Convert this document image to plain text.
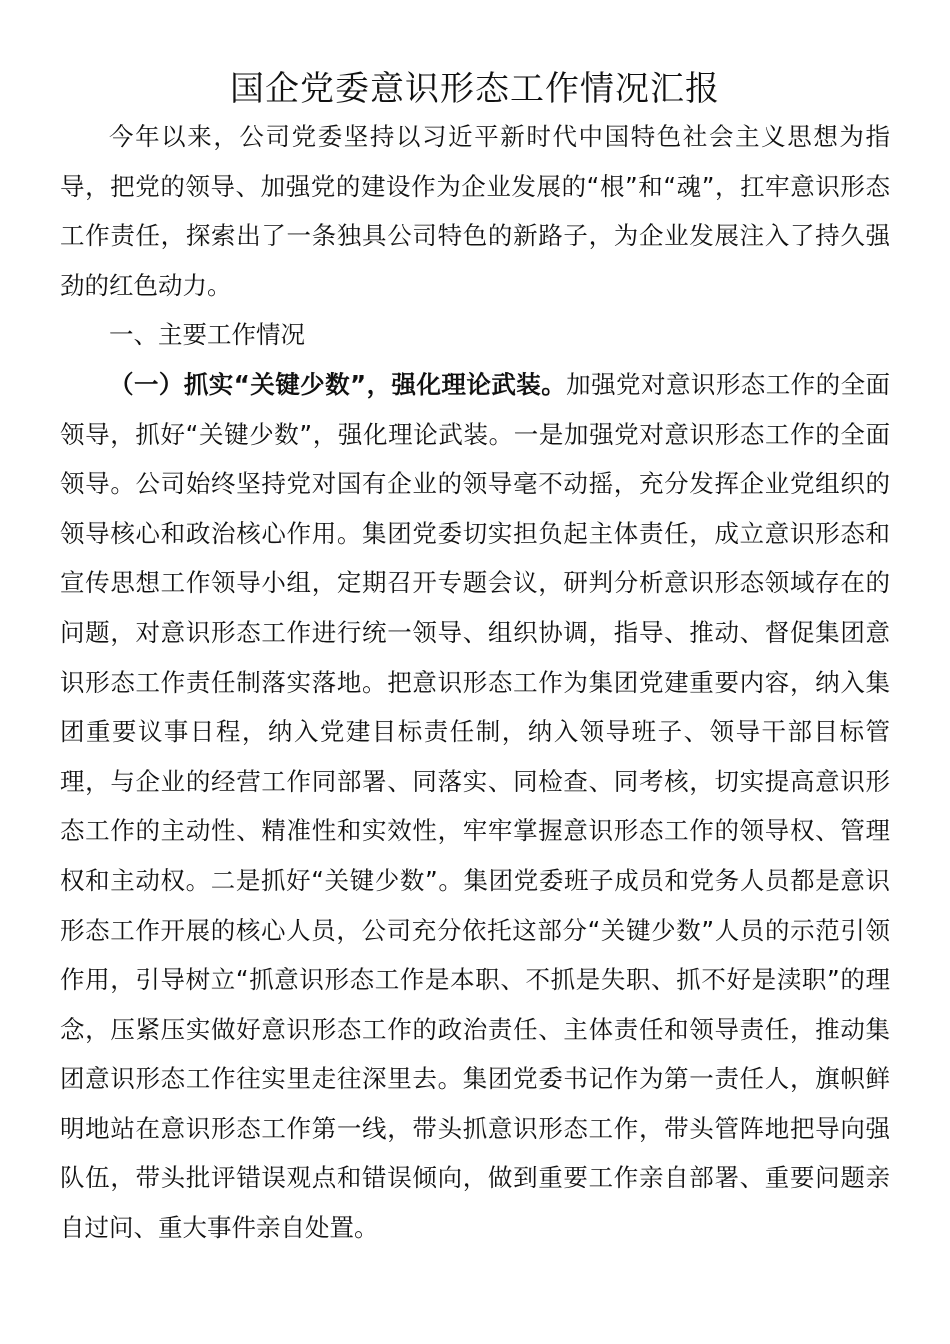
国企党委意识形态工作情况汇报

今年以来，公司党委坚持以习近平新时代中国特色社会主义思想为指导，把党的领导、加强党的建设作为企业发展的“根”和“魂”，扛牢意识形态工作责任，探索出了一条独具公司特色的新路子，为企业发展注入了持久强劲的红色动力。

一、主要工作情况

（一）抓实“关键少数”，强化理论武装。加强党对意识形态工作的全面领导，抓好“关键少数”，强化理论武装。一是加强党对意识形态工作的全面领导。公司始终坚持党对国有企业的领导毫不动摇，充分发挥企业党组织的领导核心和政治核心作用。集团党委切实担负起主体责任，成立意识形态和宣传思想工作领导小组，定期召开专题会议，研判分析意识形态领域存在的问题，对意识形态工作进行统一领导、组织协调，指导、推动、督促集团意识形态工作责任制落实落地。把意识形态工作为集团党建重要内容，纳入集团重要议事日程，纳入党建目标责任制，纳入领导班子、领导干部目标管理，与企业的经营工作同部署、同落实、同检查、同考核，切实提高意识形态工作的主动性、精准性和实效性，牢牢掌握意识形态工作的领导权、管理权和主动权。二是抓好“关键少数”。集团党委班子成员和党务人员都是意识形态工作开展的核心人员，公司充分依托这部分“关键少数”人员的示范引领作用，引导树立“抓意识形态工作是本职、不抓是失职、抓不好是渎职”的理念，压紧压实做好意识形态工作的政治责任、主体责任和领导责任，推动集团意识形态工作往实里走往深里去。集团党委书记作为第一责任人，旗帜鲜明地站在意识形态工作第一线，带头抓意识形态工作，带头管阵地把导向强队伍，带头批评错误观点和错误倾向，做到重要工作亲自部署、重要问题亲自过问、重大事件亲自处置。
